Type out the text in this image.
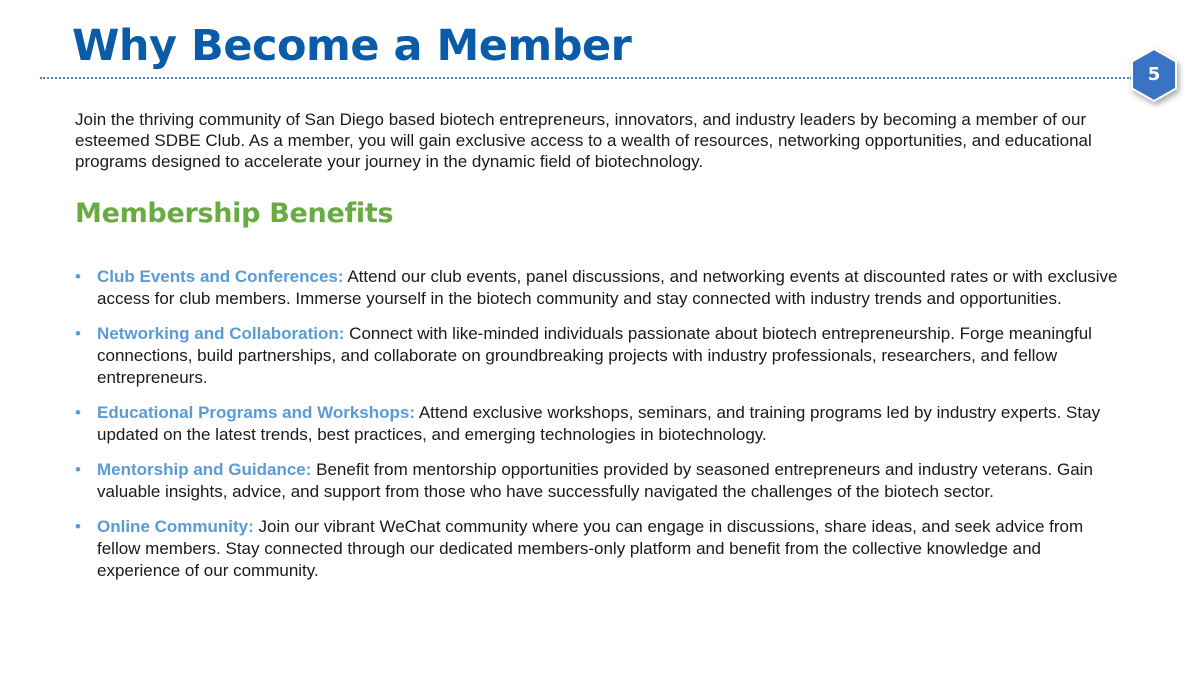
Why Become a Member
5

Join the thriving community of San Diego based biotech entrepreneurs, innovators, and industry leaders by becoming a member of our esteemed SDBE Club. As a member, you will gain exclusive access to a wealth of resources, networking opportunities, and educational programs designed to accelerate your journey in the dynamic field of biotechnology.

Membership Benefits
• Club Events and Conferences: Attend our club events, panel discussions, and networking events at discounted rates or with exclusive access for club members. Immerse yourself in the biotech community and stay connected with industry trends and opportunities.
• Networking and Collaboration: Connect with like-minded individuals passionate about biotech entrepreneurship. Forge meaningful connections, build partnerships, and collaborate on groundbreaking projects with industry professionals, researchers, and fellow entrepreneurs.
• Educational Programs and Workshops: Attend exclusive workshops, seminars, and training programs led by industry experts. Stay updated on the latest trends, best practices, and emerging technologies in biotechnology.
• Mentorship and Guidance: Benefit from mentorship opportunities provided by seasoned entrepreneurs and industry veterans. Gain valuable insights, advice, and support from those who have successfully navigated the challenges of the biotech sector.
• Online Community: Join our vibrant WeChat community where you can engage in discussions, share ideas, and seek advice from fellow members. Stay connected through our dedicated members-only platform and benefit from the collective knowledge and experience of our community.
